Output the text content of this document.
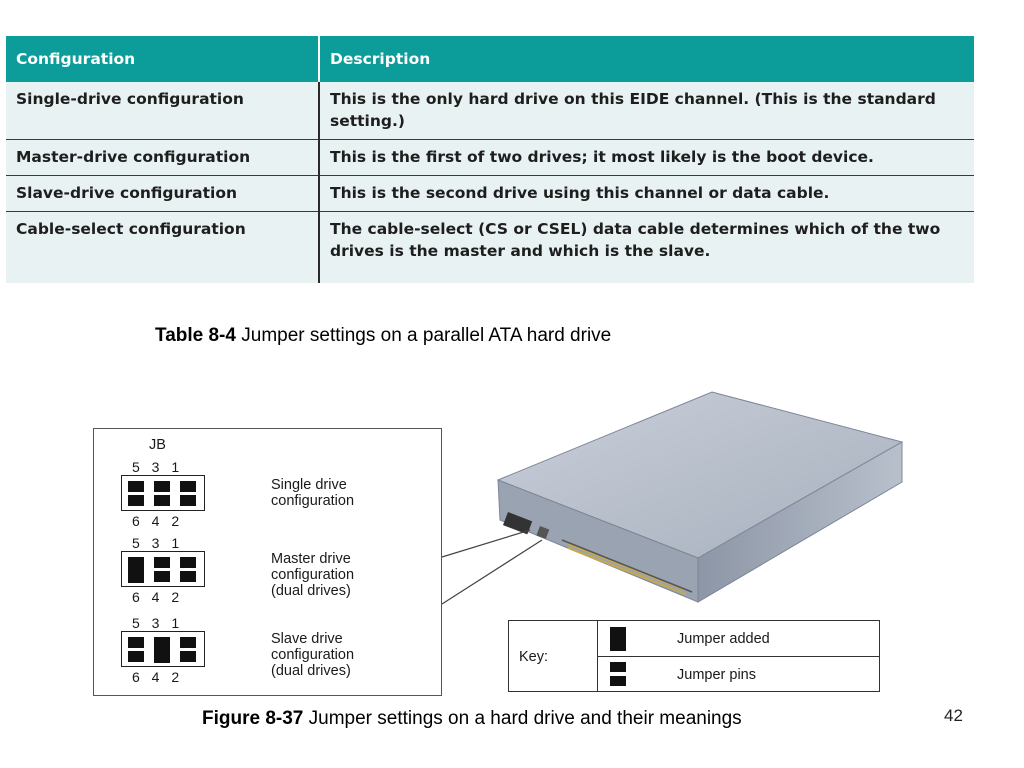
Configuration	Description
Single-drive configuration	This is the only hard drive on this EIDE channel. (This is the standard setting.)
Master-drive configuration	This is the first of two drives; it most likely is the boot device.
Slave-drive configuration	This is the second drive using this channel or data cable.
Cable-select configuration	The cable-select (CS or CSEL) data cable determines which of the two drives is the master and which is the slave.
Table 8-4 Jumper settings on a parallel ATA hard drive
JB
5 3 1
6 4 2
Single drive
configuration
5 3 1
6 4 2
Master drive
configuration
(dual drives)
5 3 1
6 4 2
Slave drive
configuration
(dual drives)
Key:
Jumper added
Jumper pins
Figure 8-37 Jumper settings on a hard drive and their meanings	42
